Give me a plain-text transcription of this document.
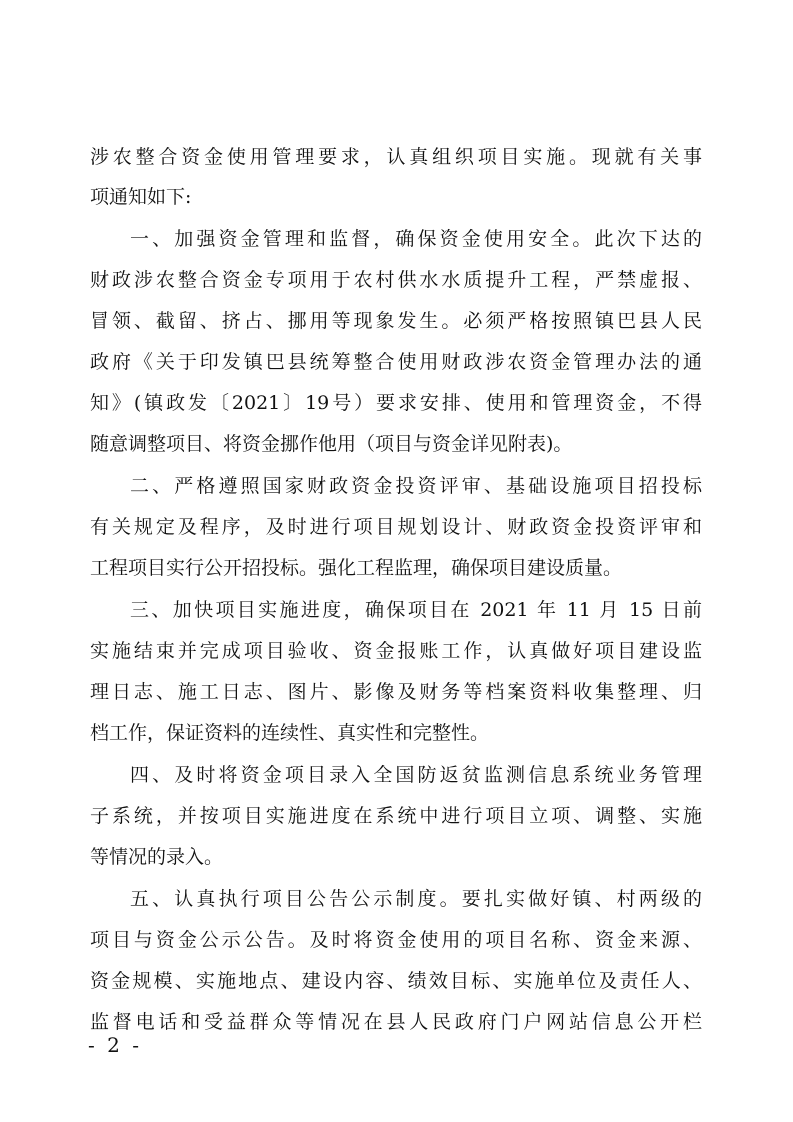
涉农整合资金使用管理要求，认真组织项目实施。现就有关事
项通知如下:
一、加强资金管理和监督，确保资金使用安全。此次下达的
财政涉农整合资金专项用于农村供水水质提升工程，严禁虚报、
冒领、截留、挤占、挪用等现象发生。必须严格按照镇巴县人民
政府《关于印发镇巴县统筹整合使用财政涉农资金管理办法的通
知》(镇政发〔2021〕19号）要求安排、使用和管理资金，不得
随意调整项目、将资金挪作他用（项目与资金详见附表)。
二、严格遵照国家财政资金投资评审、基础设施项目招投标
有关规定及程序，及时进行项目规划设计、财政资金投资评审和
工程项目实行公开招投标。强化工程监理，确保项目建设质量。
三、加快项目实施进度，确保项目在 2021 年 11 月 15 日前
实施结束并完成项目验收、资金报账工作，认真做好项目建设监
理日志、施工日志、图片、影像及财务等档案资料收集整理、归
档工作，保证资料的连续性、真实性和完整性。
四、及时将资金项目录入全国防返贫监测信息系统业务管理
子系统，并按项目实施进度在系统中进行项目立项、调整、实施
等情况的录入。
五、认真执行项目公告公示制度。要扎实做好镇、村两级的
项目与资金公示公告。及时将资金使用的项目名称、资金来源、
资金规模、实施地点、建设内容、绩效目标、实施单位及责任人、
监督电话和受益群众等情况在县人民政府门户网站信息公开栏
- 2 -
